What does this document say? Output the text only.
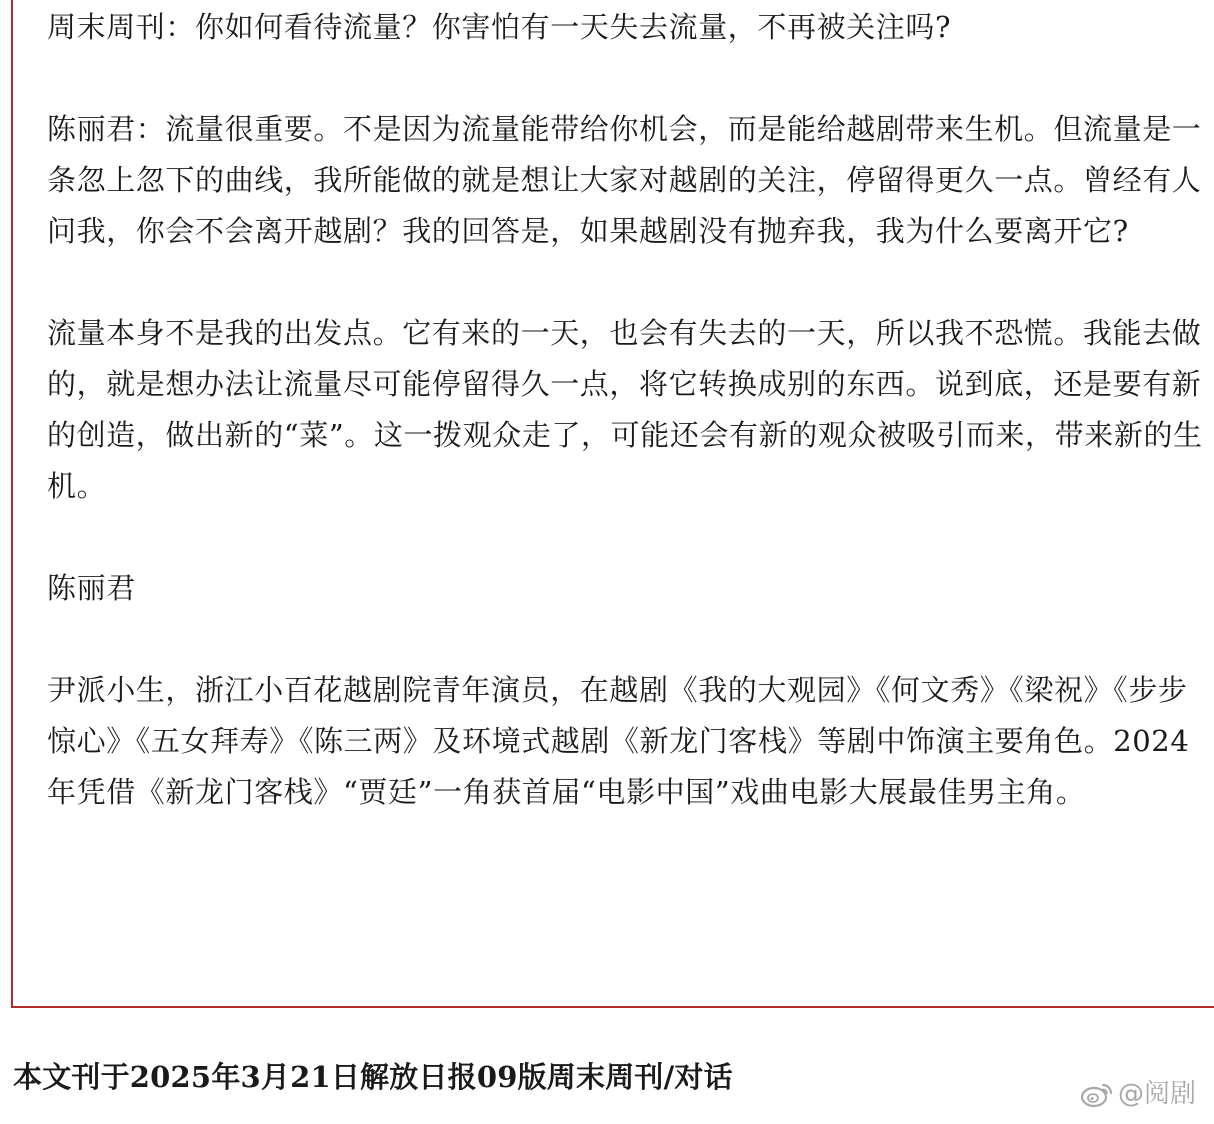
周末周刊：你如何看待流量？你害怕有一天失去流量，不再被关注吗?

陈丽君：流量很重要。不是因为流量能带给你机会，而是能给越剧带来生机。但流量是一条忽上忽下的曲线，我所能做的就是想让大家对越剧的关注，停留得更久一点。曾经有人问我，你会不会离开越剧？我的回答是，如果越剧没有抛弃我，我为什么要离开它?

流量本身不是我的出发点。它有来的一天，也会有失去的一天，所以我不恐慌。我能去做的，就是想办法让流量尽可能停留得久一点，将它转换成别的东西。说到底，还是要有新的创造，做出新的“菜”。这一拨观众走了，可能还会有新的观众被吸引而来，带来新的生机。

陈丽君

尹派小生，浙江小百花越剧院青年演员，在越剧《我的大观园》《何文秀》《梁祝》《步步惊心》《五女拜寿》《陈三两》及环境式越剧《新龙门客栈》等剧中饰演主要角色。2024年凭借《新龙门客栈》“贾廷”一角获首届“电影中国”戏曲电影大展最佳男主角。

本文刊于2025年3月21日解放日报09版周末周刊/对话	@阅剧
